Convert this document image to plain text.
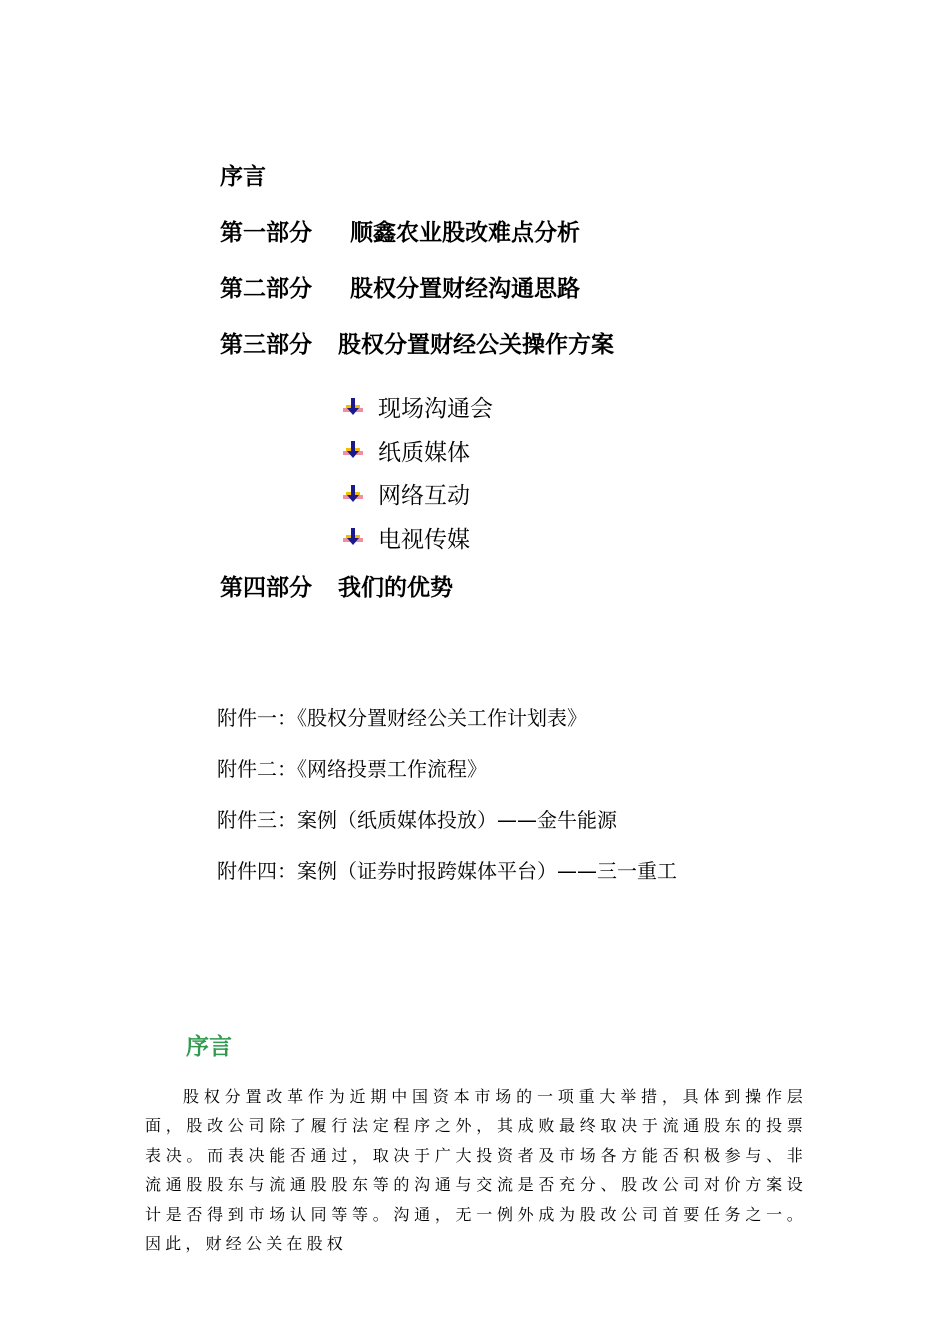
序言
第一部分 顺鑫农业股改难点分析
第二部分 股权分置财经沟通思路
第三部分 股权分置财经公关操作方案
现场沟通会
纸质媒体
网络互动
电视传媒
第四部分 我们的优势
附件一：《股权分置财经公关工作计划表》
附件二：《网络投票工作流程》
附件三：案例（纸质媒体投放）——金牛能源
附件四：案例（证券时报跨媒体平台）——三一重工
序言

股权分置改革作为近期中国资本市场的一项重大举措，具体到操作层面，股改公司除了履行法定程序之外，其成败最终取决于流通股东的投票表决。而表决能否通过，取决于广大投资者及市场各方能否积极参与、非流通股股东与流通股股东等的沟通与交流是否充分、股改公司对价方案设计是否得到市场认同等等。沟通，无一例外成为股改公司首要任务之一。因此，财经公关在股权
